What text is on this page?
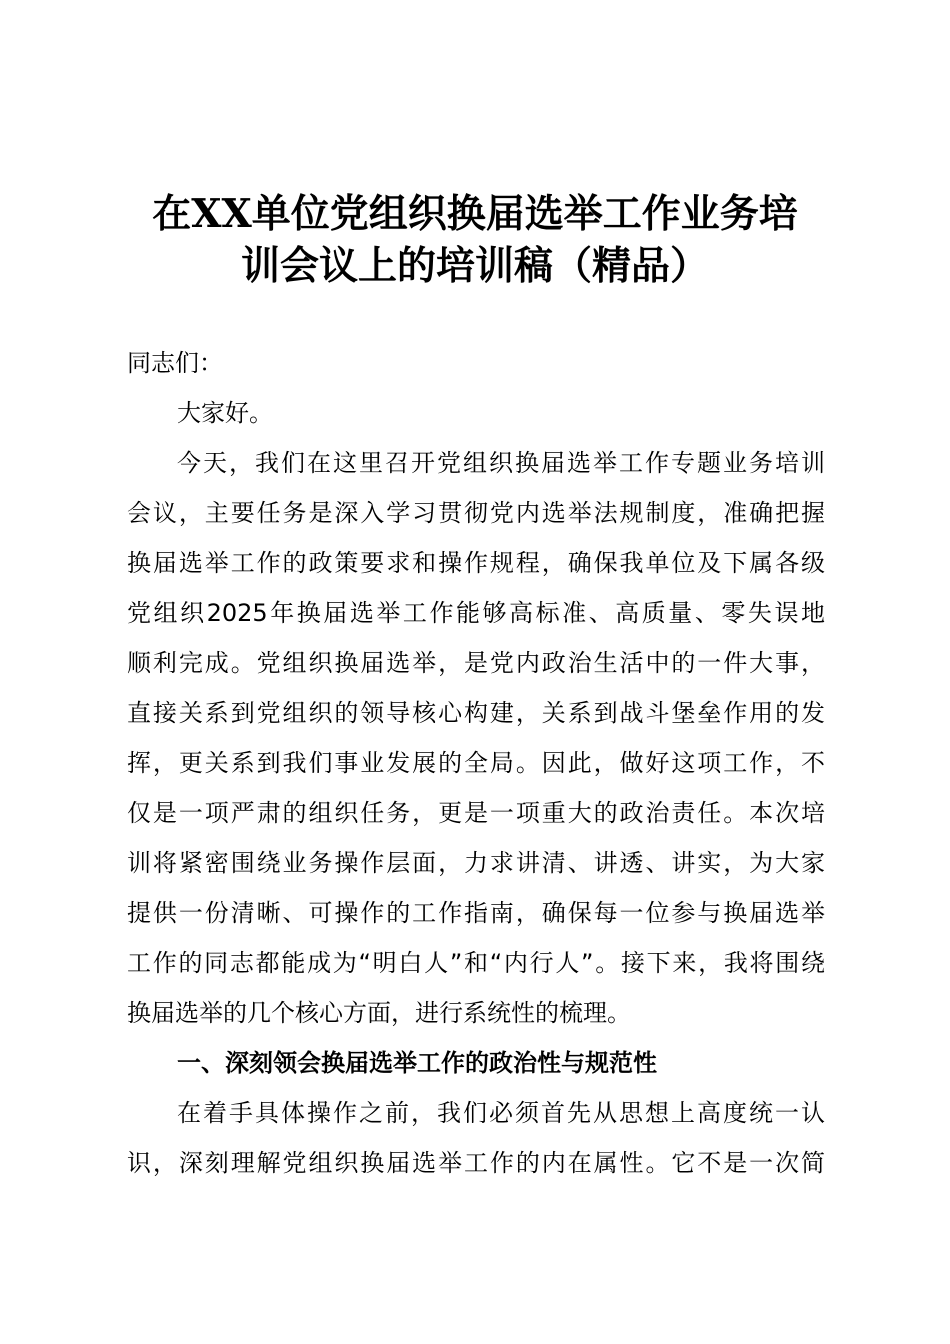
在XX单位党组织换届选举工作业务培
训会议上的培训稿（精品）

同志们：

大家好。

今天，我们在这里召开党组织换届选举工作专题业务培训
会议，主要任务是深入学习贯彻党内选举法规制度，准确把握
换届选举工作的政策要求和操作规程，确保我单位及下属各级
党组织2025年换届选举工作能够高标准、高质量、零失误地
顺利完成。党组织换届选举，是党内政治生活中的一件大事，
直接关系到党组织的领导核心构建，关系到战斗堡垒作用的发
挥，更关系到我们事业发展的全局。因此，做好这项工作，不
仅是一项严肃的组织任务，更是一项重大的政治责任。本次培
训将紧密围绕业务操作层面，力求讲清、讲透、讲实，为大家
提供一份清晰、可操作的工作指南，确保每一位参与换届选举
工作的同志都能成为“明白人”和“内行人”。接下来，我将围绕
换届选举的几个核心方面，进行系统性的梳理。

一、深刻领会换届选举工作的政治性与规范性

在着手具体操作之前，我们必须首先从思想上高度统一认
识，深刻理解党组织换届选举工作的内在属性。它不是一次简
